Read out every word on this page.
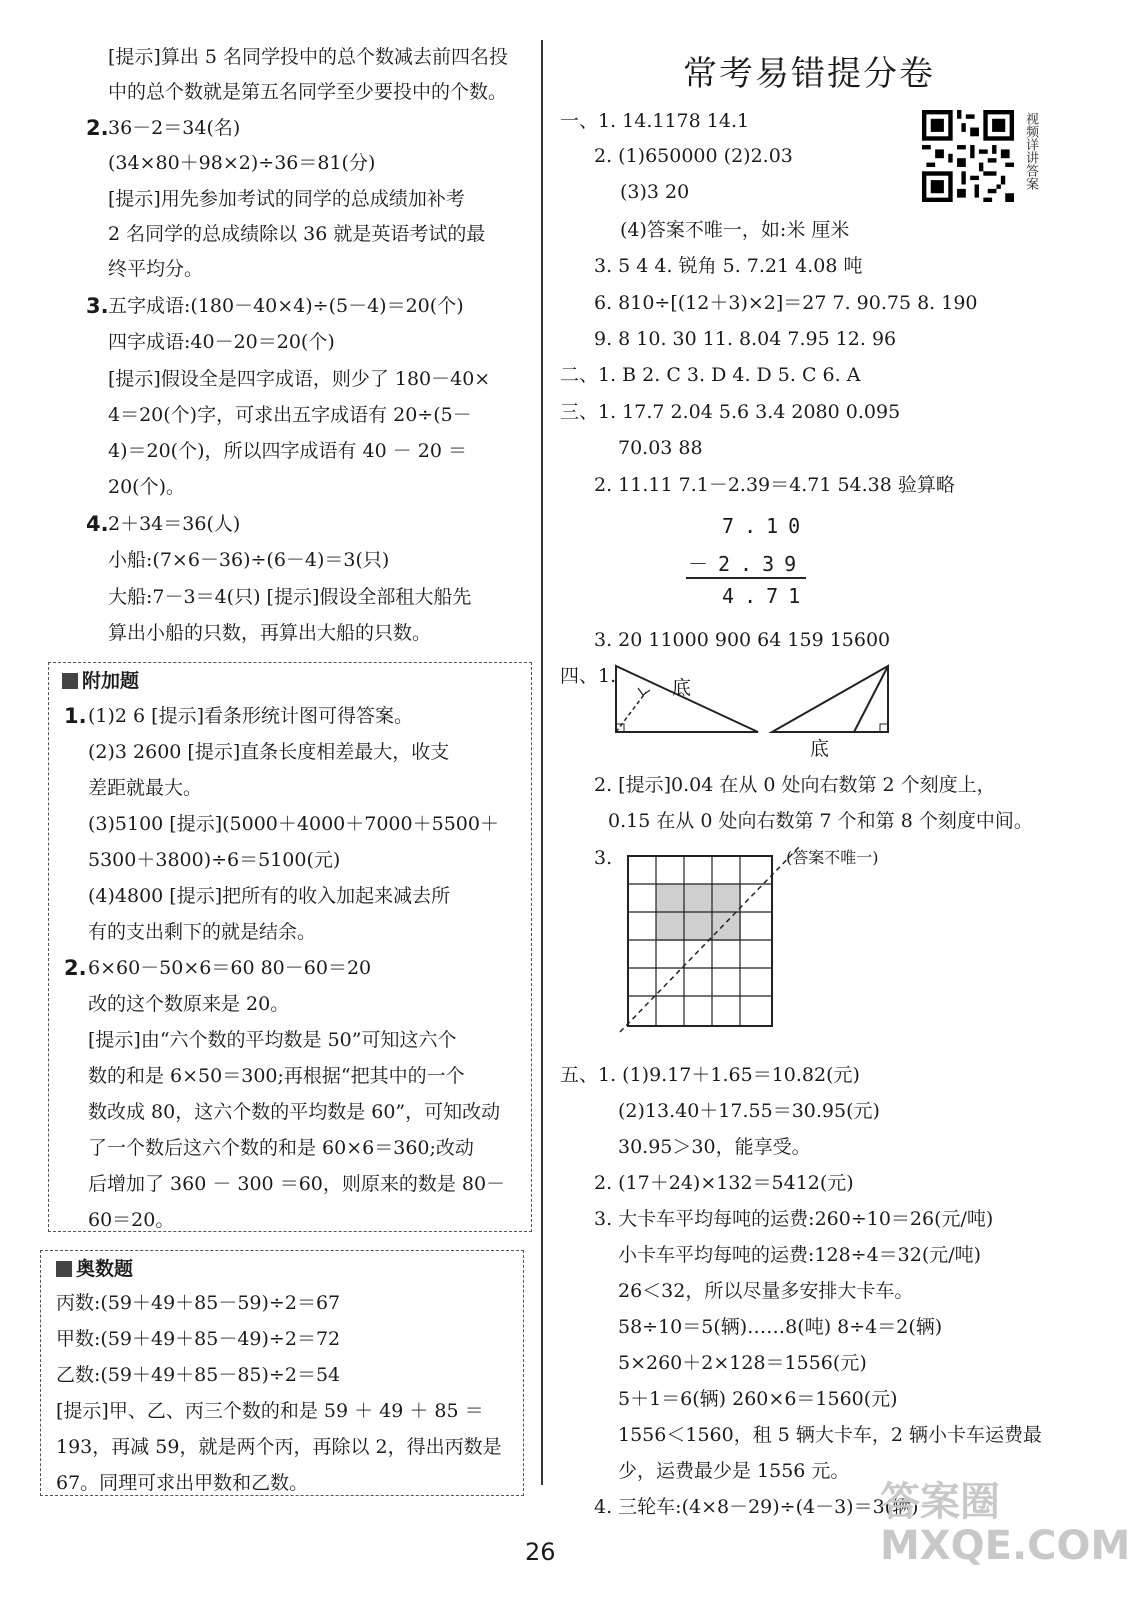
[提示]算出 5 名同学投中的总个数减去前四名投
中的总个数就是第五名同学至少要投中的个数。
2. 36－2＝34(名)
(34×80＋98×2)÷36＝81(分)
[提示]用先参加考试的同学的总成绩加补考
2 名同学的总成绩除以 36 就是英语考试的最
终平均分。
3. 五字成语:(180－40×4)÷(5－4)＝20(个)
四字成语:40－20＝20(个)
[提示]假设全是四字成语，则少了 180－40×
4＝20(个)字，可求出五字成语有 20÷(5－
4)＝20(个)，所以四字成语有 40 － 20 ＝
20(个)。
4. 2＋34＝36(人)
小船:(7×6－36)÷(6－4)＝3(只)
大船:7－3＝4(只) [提示]假设全部租大船先
算出小船的只数，再算出大船的只数。
附加题
1. (1)2 6 [提示]看条形统计图可得答案。
(2)3 2600 [提示]直条长度相差最大，收支
差距就最大。
(3)5100 [提示](5000＋4000＋7000＋5500＋
5300＋3800)÷6＝5100(元)
(4)4800 [提示]把所有的收入加起来减去所
有的支出剩下的就是结余。
2. 6×60－50×6＝60 80－60＝20
改的这个数原来是 20。
[提示]由“六个数的平均数是 50”可知这六个
数的和是 6×50＝300;再根据“把其中的一个
数改成 80，这六个数的平均数是 60”，可知改动
了一个数后这六个数的和是 60×6＝360;改动
后增加了 360 － 300 ＝60，则原来的数是 80－
60＝20。
奥数题
丙数:(59＋49＋85－59)÷2＝67
甲数:(59＋49＋85－49)÷2＝72
乙数:(59＋49＋85－85)÷2＝54
[提示]甲、乙、丙三个数的和是 59 ＋ 49 ＋ 85 ＝
193，再减 59，就是两个丙，再除以 2，得出丙数是
67。同理可求出甲数和乙数。
常考易错提分卷
视频详讲答案
一、1. 14.1178 14.1
2. (1)650000 (2)2.03
(3)3 20
(4)答案不唯一，如:米 厘米
3. 5 4 4. 锐角 5. 7.21 4.08 吨
6. 810÷[(12＋3)×2]＝27 7. 90.75 8. 190
9. 8 10. 30 11. 8.04 7.95 12. 96
二、1. B 2. C 3. D 4. D 5. C 6. A
三、1. 17.7 2.04 5.6 3.4 2080 0.095
70.03 88
2. 11.11 7.1－2.39＝4.71 54.38 验算略
7.10
－2.39
4.71
3. 20 11000 900 64 159 15600
四、1.
底
底
2. [提示]0.04 在从 0 处向右数第 2 个刻度上，
0.15 在从 0 处向右数第 7 个和第 8 个刻度中间。
3.	(答案不唯一)
五、1. (1)9.17＋1.65＝10.82(元)
(2)13.40＋17.55＝30.95(元)
30.95＞30，能享受。
2. (17＋24)×132＝5412(元)
3. 大卡车平均每吨的运费:260÷10＝26(元/吨)
小卡车平均每吨的运费:128÷4＝32(元/吨)
26＜32，所以尽量多安排大卡车。
58÷10＝5(辆)……8(吨) 8÷4＝2(辆)
5×260＋2×128＝1556(元)
5＋1＝6(辆) 260×6＝1560(元)
1556＜1560，租 5 辆大卡车，2 辆小卡车运费最
少，运费最少是 1556 元。
4. 三轮车:(4×8－29)÷(4－3)＝3(辆)
26
答案圈 MXQE.COM
